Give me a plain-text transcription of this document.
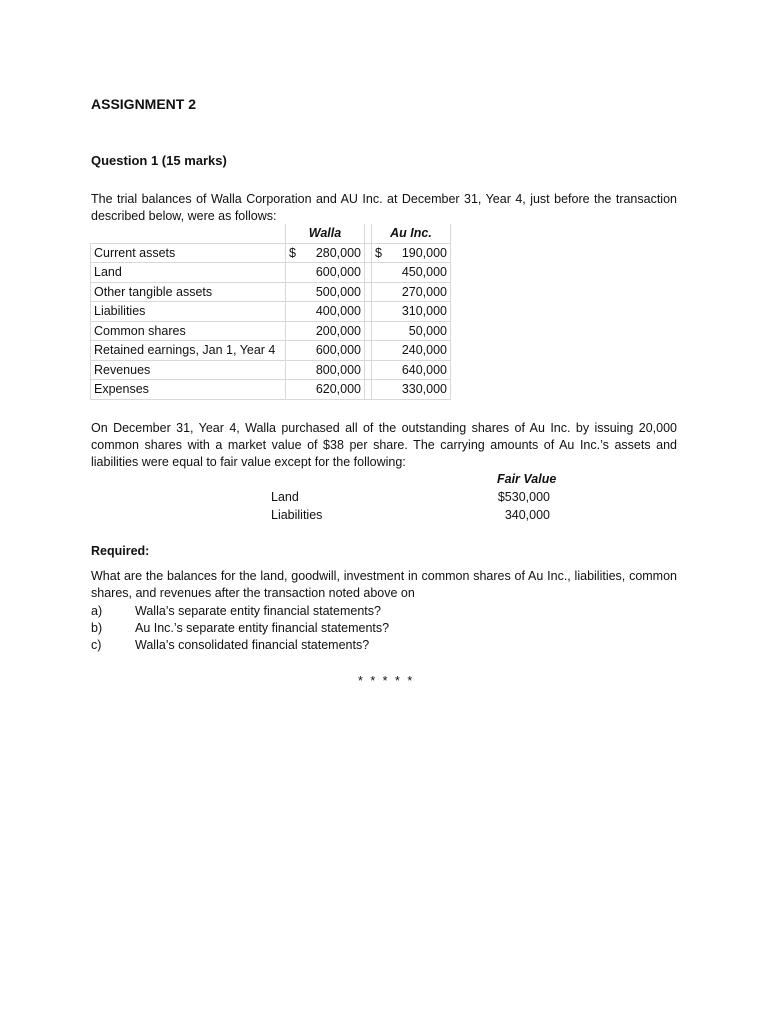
ASSIGNMENT 2
Question 1 (15 marks)

The trial balances of Walla Corporation and AU Inc. at December 31, Year 4, just before the transaction described below, were as follows:

	Walla			Au Inc.	
Current assets	$	280,000		$	190,000
Land		600,000			450,000
Other tangible assets		500,000			270,000
Liabilities		400,000			310,000
Common shares		200,000			50,000
Retained earnings, Jan 1, Year 4		600,000			240,000
Revenues		800,000			640,000
Expenses		620,000			330,000

On December 31, Year 4, Walla purchased all of the outstanding shares of Au Inc. by issuing 20,000 common shares with a market value of $38 per share. The carrying amounts of Au Inc.’s assets and liabilities were equal to fair value except for the following:

Fair Value

Land	$530,000

Liabilities	340,000

Required:

What are the balances for the land, goodwill, investment in common shares of Au Inc., liabilities, common shares, and revenues after the transaction noted above on

a)	Walla’s separate entity financial statements?

b)	Au Inc.’s separate entity financial statements?

c)	Walla’s consolidated financial statements?

* * * * *
